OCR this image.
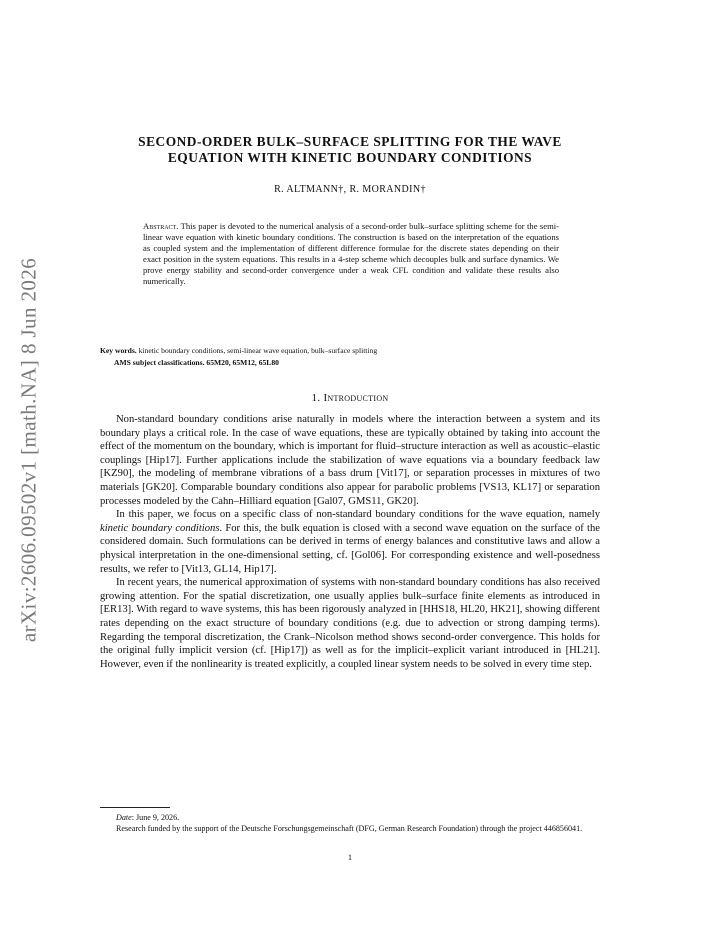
arXiv:2606.09502v1 [math.NA] 8 Jun 2026
SECOND-ORDER BULK–SURFACE SPLITTING FOR THE WAVE
EQUATION WITH KINETIC BOUNDARY CONDITIONS
R. ALTMANN†, R. MORANDIN†
Abstract. This paper is devoted to the numerical analysis of a second-order bulk–surface splitting scheme for the semi-linear wave equation with kinetic boundary conditions. The construction is based on the interpretation of the equations as coupled system and the implementation of different difference formulae for the discrete states depending on their exact position in the system equations. This results in a 4-step scheme which decouples bulk and surface dynamics. We prove energy stability and second-order convergence under a weak CFL condition and validate these results also numerically.
Key words. kinetic boundary conditions, semi-linear wave equation, bulk–surface splitting
AMS subject classifications. 65M20, 65M12, 65L80
1. Introduction

Non-standard boundary conditions arise naturally in models where the interaction between a system and its boundary plays a critical role. In the case of wave equations, these are typically obtained by taking into account the effect of the momentum on the boundary, which is important for fluid–structure interaction as well as acoustic–elastic couplings [Hip17]. Further applications include the stabilization of wave equations via a boundary feedback law [KZ90], the modeling of membrane vibrations of a bass drum [Vit17], or separation processes in mixtures of two materials [GK20]. Comparable boundary conditions also appear for parabolic problems [VS13, KL17] or separation processes modeled by the Cahn–Hilliard equation [Gal07, GMS11, GK20].

In this paper, we focus on a specific class of non-standard boundary conditions for the wave equation, namely kinetic boundary conditions. For this, the bulk equation is closed with a second wave equation on the surface of the considered domain. Such formulations can be derived in terms of energy balances and constitutive laws and allow a physical interpretation in the one-dimensional setting, cf. [Gol06]. For corresponding existence and well-posedness results, we refer to [Vit13, GL14, Hip17].

In recent years, the numerical approximation of systems with non-standard boundary conditions has also received growing attention. For the spatial discretization, one usually applies bulk–surface finite elements as introduced in [ER13]. With regard to wave systems, this has been rigorously analyzed in [HHS18, HL20, HK21], showing different rates depending on the exact structure of boundary conditions (e.g. due to advection or strong damping terms). Regarding the temporal discretization, the Crank–Nicolson method shows second-order convergence. This holds for the original fully implicit version (cf. [Hip17]) as well as for the implicit–explicit variant introduced in [HL21]. However, even if the nonlinearity is treated explicitly, a coupled linear system needs to be solved in every time step.

Date: June 9, 2026.

Research funded by the support of the Deutsche Forschungsgemeinschaft (DFG, German Research Foundation) through the project 446856041.

1
